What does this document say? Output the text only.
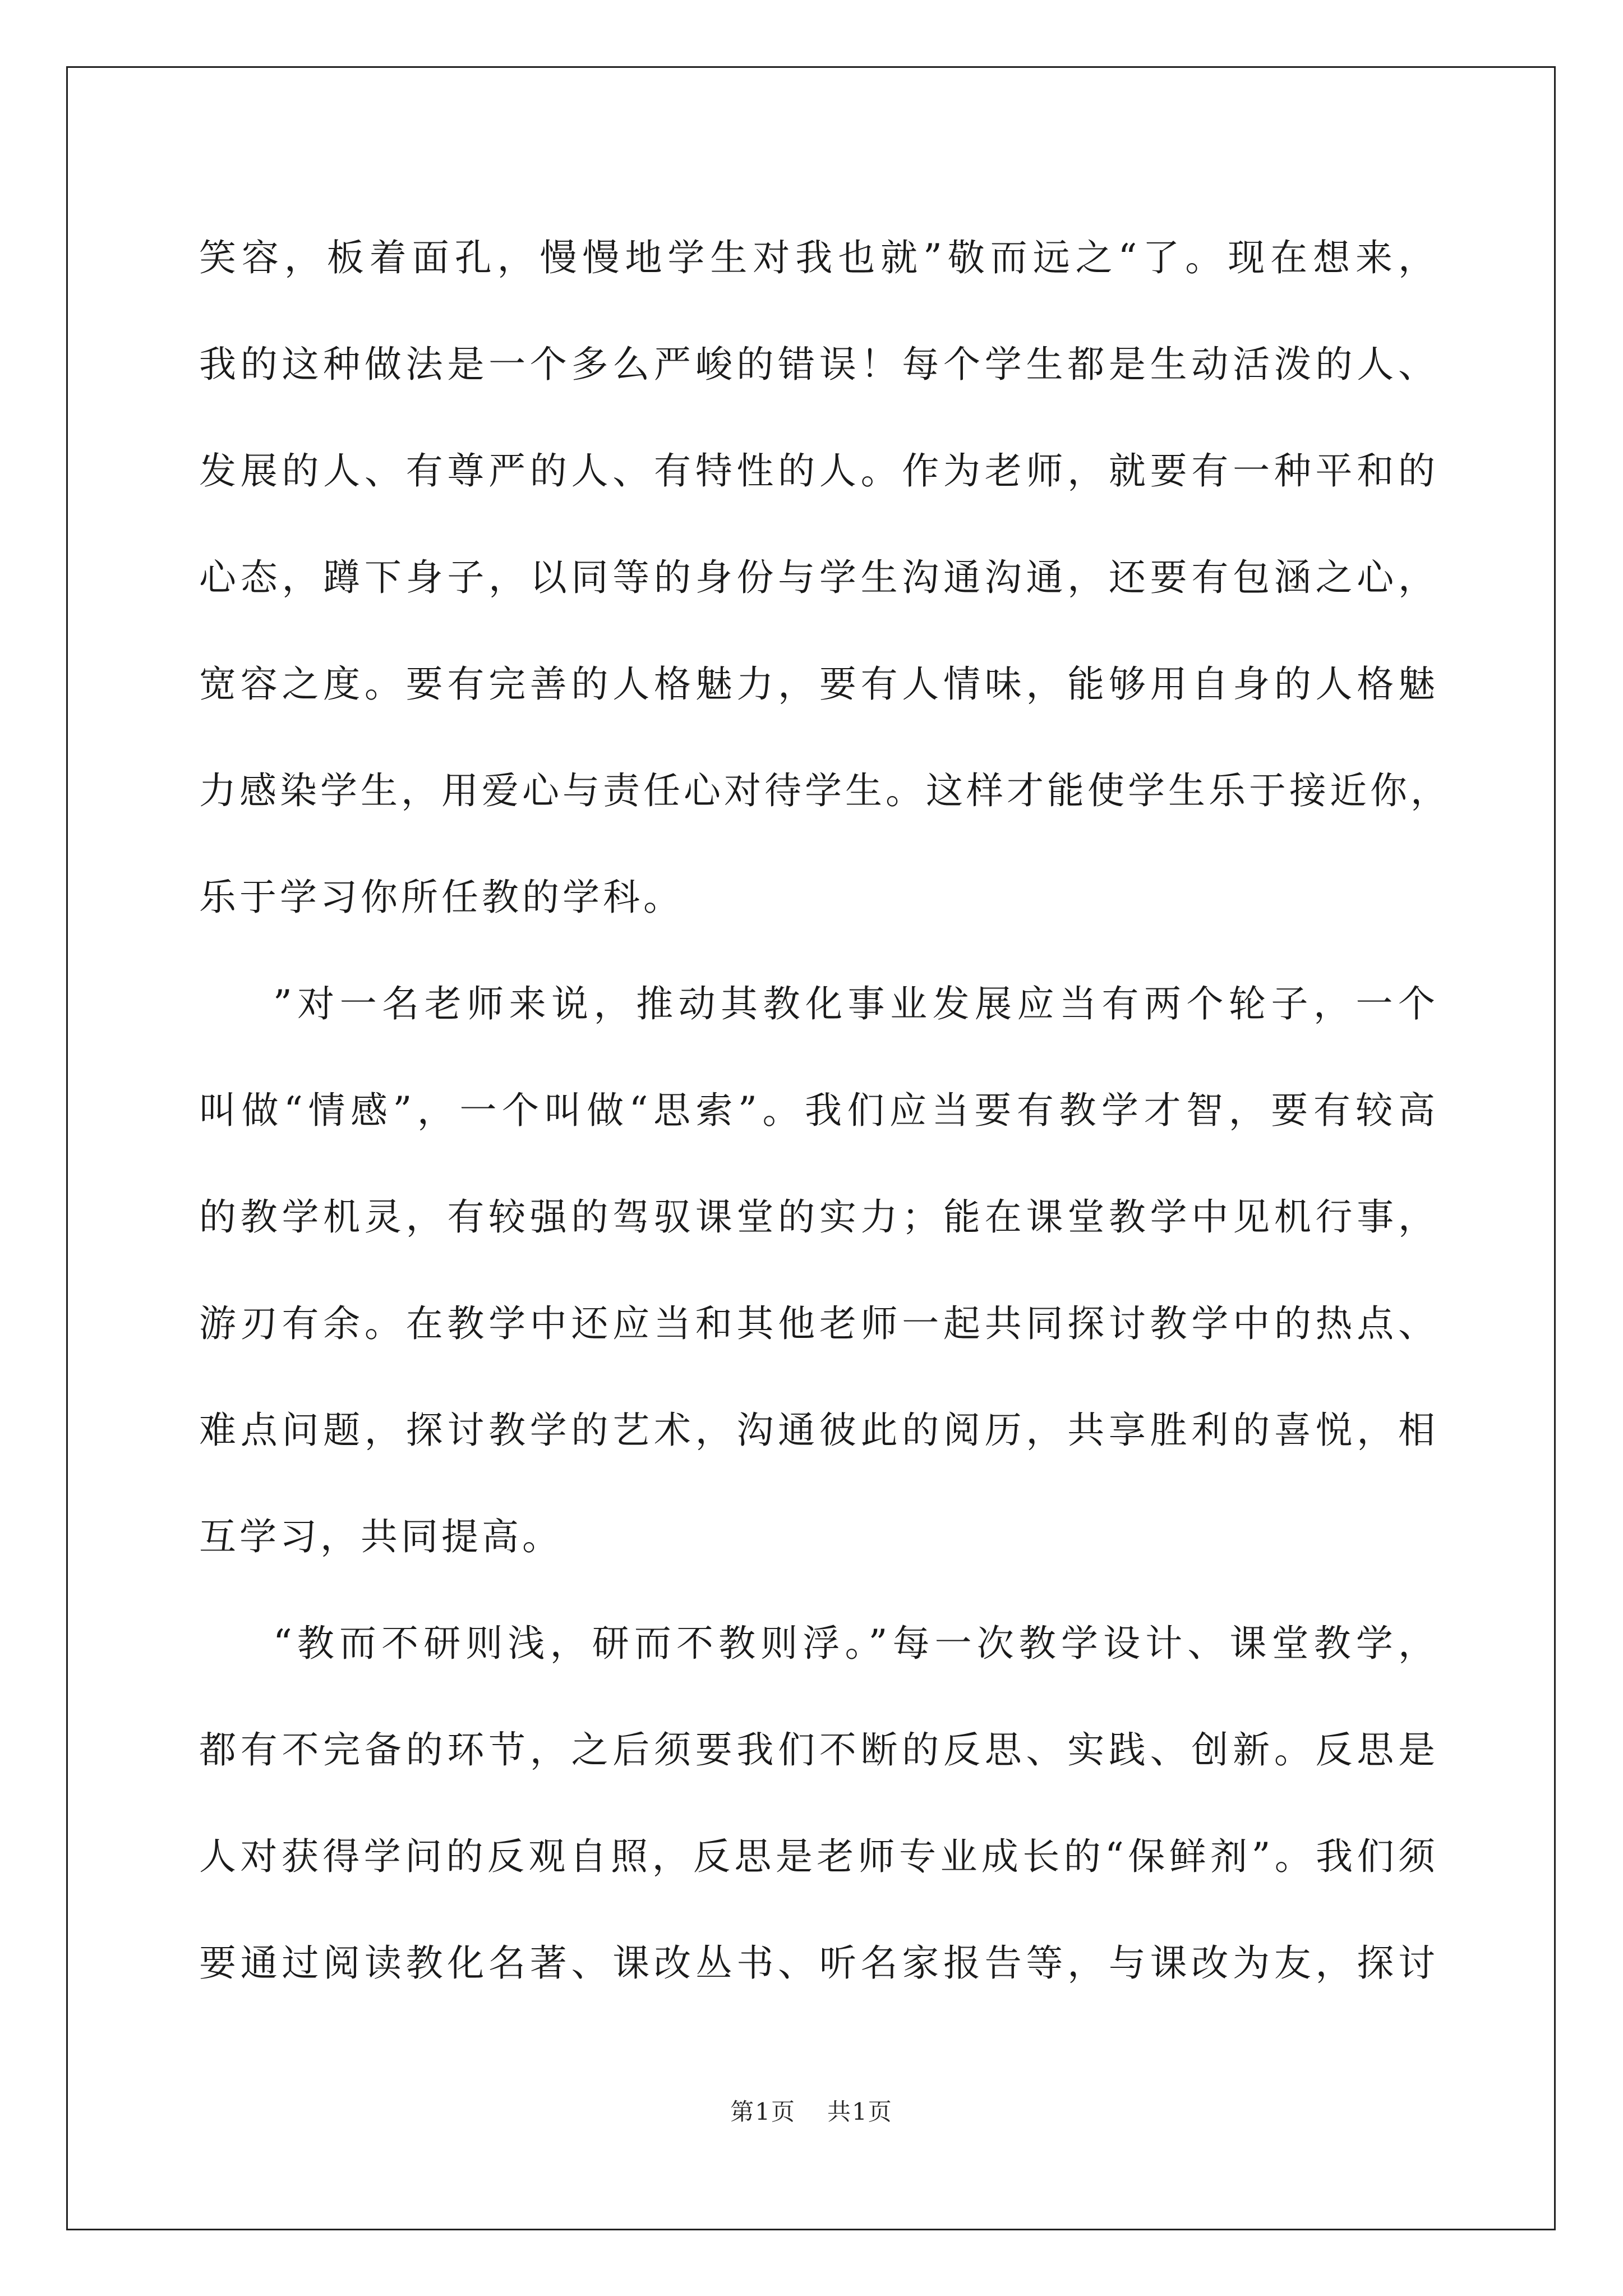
笑容，板着面孔，慢慢地学生对我也就”敬而远之“了。现在想来，
我的这种做法是一个多么严峻的错误！每个学生都是生动活泼的人、
发展的人、有尊严的人、有特性的人。作为老师，就要有一种平和的
心态，蹲下身子，以同等的身份与学生沟通沟通，还要有包涵之心，
宽容之度。要有完善的人格魅力，要有人情味，能够用自身的人格魅
力感染学生，用爱心与责任心对待学生。这样才能使学生乐于接近你，
乐于学习你所任教的学科。
”对一名老师来说，推动其教化事业发展应当有两个轮子，一个
叫做“情感”，一个叫做“思索”。我们应当要有教学才智，要有较高
的教学机灵，有较强的驾驭课堂的实力；能在课堂教学中见机行事，
游刃有余。在教学中还应当和其他老师一起共同探讨教学中的热点、
难点问题，探讨教学的艺术，沟通彼此的阅历，共享胜利的喜悦，相
互学习，共同提高。
“教而不研则浅，研而不教则浮。”每一次教学设计、课堂教学，
都有不完备的环节，之后须要我们不断的反思、实践、创新。反思是
人对获得学问的反观自照，反思是老师专业成长的“保鲜剂”。我们须
要通过阅读教化名著、课改丛书、听名家报告等，与课改为友，探讨
第1页 共1页
